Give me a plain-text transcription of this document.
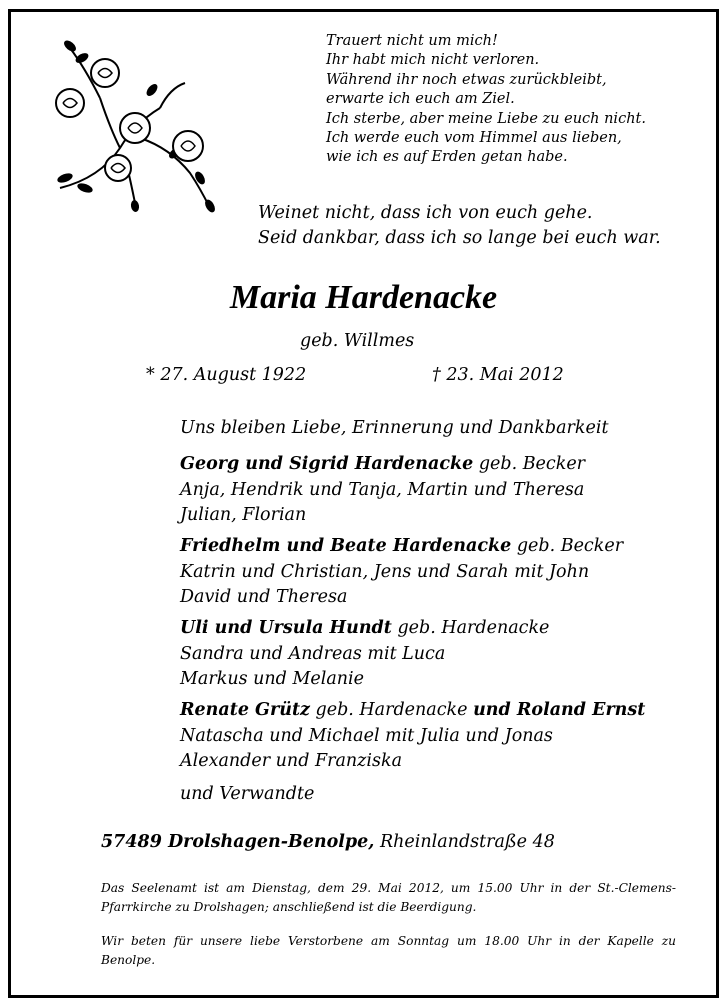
Trauert nicht um mich!
Ihr habt mich nicht verloren.
Während ihr noch etwas zurückbleibt,
erwarte ich euch am Ziel.
Ich sterbe, aber meine Liebe zu euch nicht.
Ich werde euch vom Himmel aus lieben,
wie ich es auf Erden getan habe.
Weinet nicht, dass ich von euch gehe.
Seid dankbar, dass ich so lange bei euch war.
Maria Hardenacke
geb. Willmes
* 27. August 1922	† 23. Mai 2012
Uns bleiben Liebe, Erinnerung und Dankbarkeit
Georg und Sigrid Hardenacke geb. Becker
Anja, Hendrik und Tanja, Martin und Theresa
Julian, Florian
Friedhelm und Beate Hardenacke geb. Becker
Katrin und Christian, Jens und Sarah mit John
David und Theresa
Uli und Ursula Hundt geb. Hardenacke
Sandra und Andreas mit Luca
Markus und Melanie
Renate Grütz geb. Hardenacke und Roland Ernst
Natascha und Michael mit Julia und Jonas
Alexander und Franziska
und Verwandte
57489 Drolshagen-Benolpe, Rheinlandstraße 48
Das Seelenamt ist am Dienstag, dem 29. Mai 2012, um 15.00 Uhr in der St.-Clemens-Pfarrkirche zu Drolshagen; anschließend ist die Beerdigung.
Wir beten für unsere liebe Verstorbene am Sonntag um 18.00 Uhr in der Kapelle zu Benolpe.
